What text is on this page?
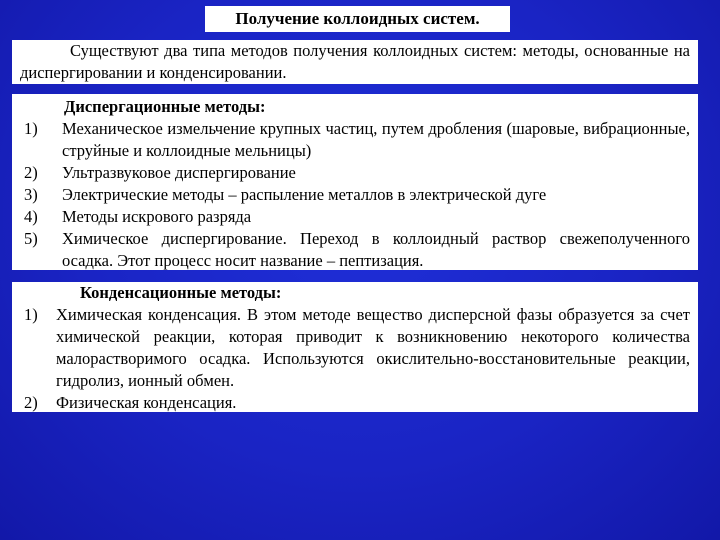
Получение коллоидных систем.

Существуют два типа методов получения коллоидных систем: методы, основанные на диспергировании и конденсировании.

Диспергационные методы:

1)	Механическое измельчение крупных частиц, путем дробления (шаровые, вибрационные, струйные и коллоидные мельницы)
2)	Ультразвуковое диспергирование
3)	Электрические методы – распыление металлов в электрической дуге
4)	Методы искрового разряда
5)	Химическое диспергирование. Переход в коллоидный раствор свежеполученного осадка. Этот процесс носит название – пептизация.

Конденсационные методы:

1)	Химическая конденсация. В этом методе вещество дисперсной фазы образуется за счет химической реакции, которая приводит к возникновению некоторого количества малорастворимого осадка. Используются окислительно-восстановительные реакции, гидролиз, ионный обмен.
2)	Физическая конденсация.
